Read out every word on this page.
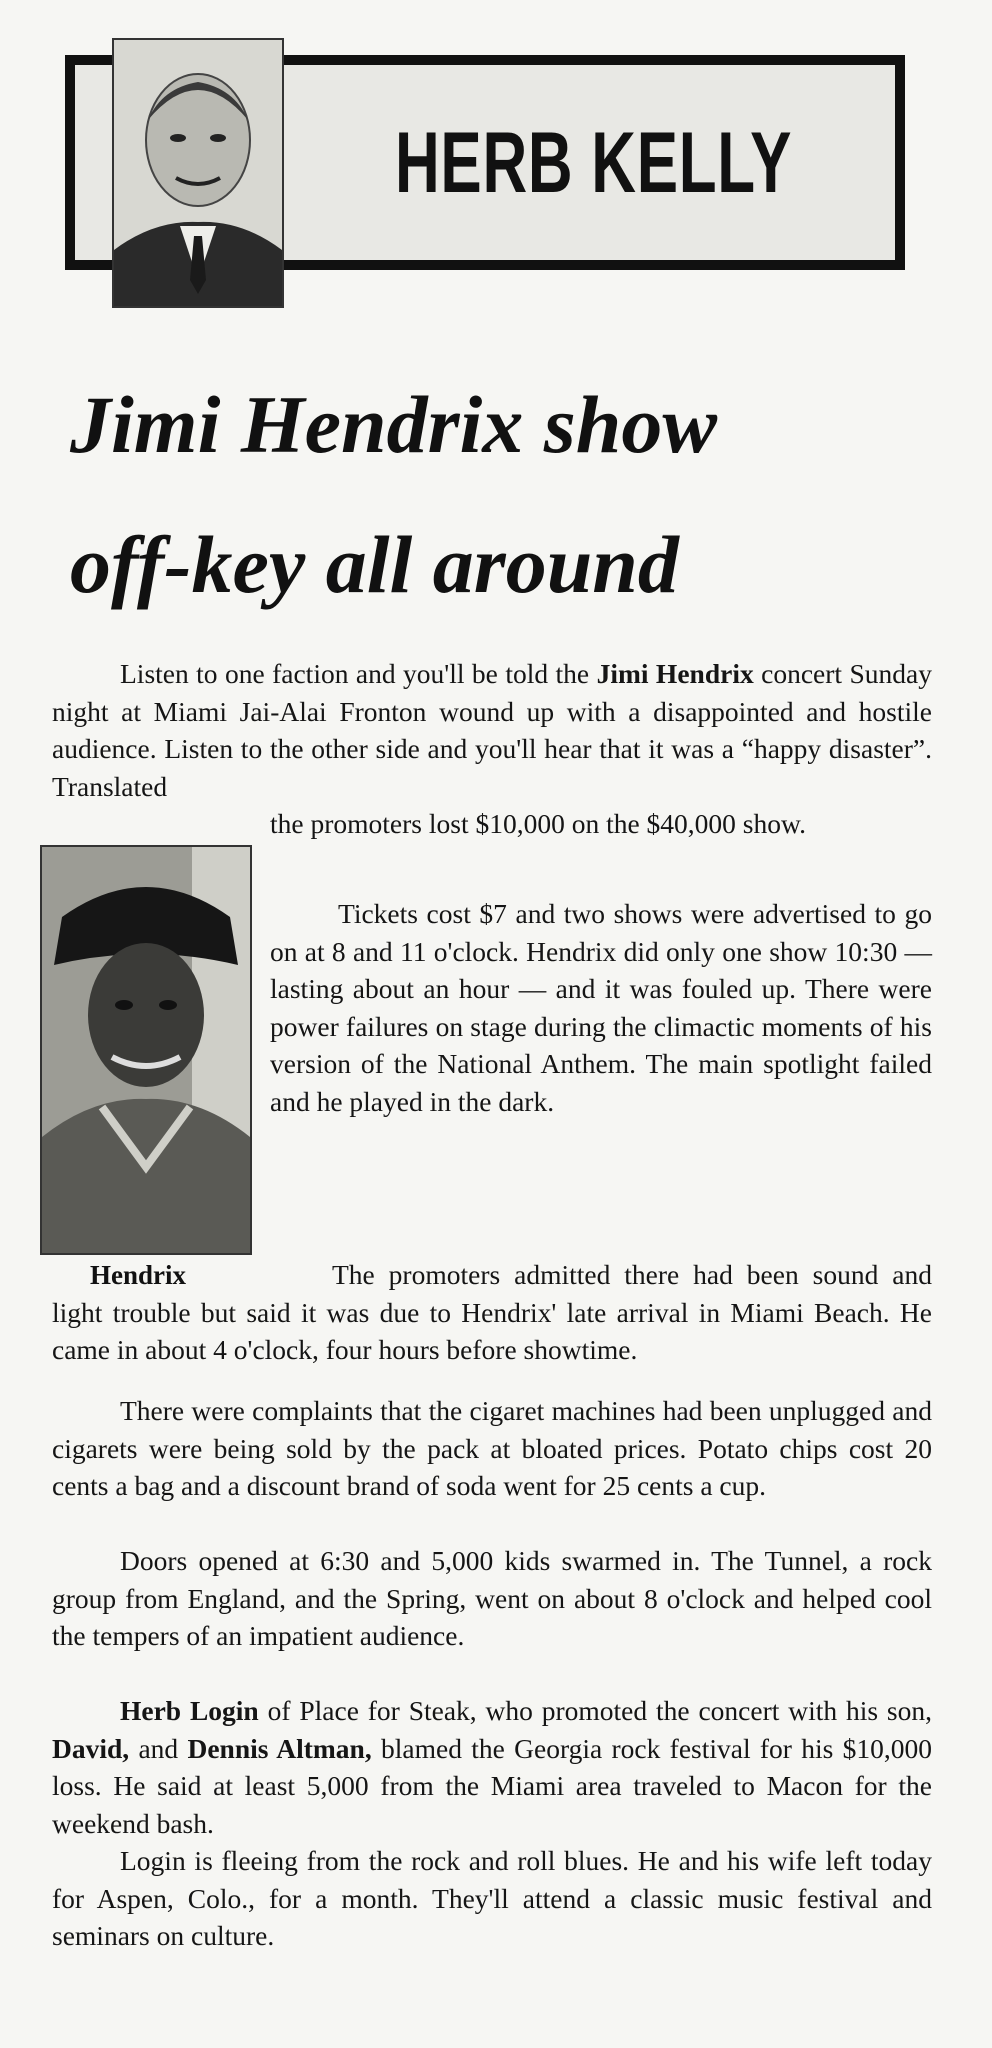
HERB KELLY
Jimi Hendrix show
off-key all around

Listen to one faction and you'll be told the Jimi Hendrix concert Sunday night at Miami Jai-Alai Fronton wound up with a disappointed and hostile audience. Listen to the other side and you'll hear that it was a “happy disaster”. Translated

the promoters lost $10,000 on the $40,000 show.

Tickets cost $7 and two shows were advertised to go on at 8 and 11 o'clock. Hendrix did only one show 10:30 — lasting about an hour — and it was fouled up. There were power failures on stage during the climactic moments of his version of the National Anthem. The main spotlight failed and he played in the dark.

Hendrix	The promoters admitted there had been sound and light trouble but said it was due to Hendrix' late arrival in Miami Beach. He came in about 4 o'clock, four hours before showtime.

There were complaints that the cigaret machines had been unplugged and cigarets were being sold by the pack at bloated prices. Potato chips cost 20 cents a bag and a discount brand of soda went for 25 cents a cup.

Doors opened at 6:30 and 5,000 kids swarmed in. The Tunnel, a rock group from England, and the Spring, went on about 8 o'clock and helped cool the tempers of an impatient audience.

Herb Login of Place for Steak, who promoted the concert with his son, David, and Dennis Altman, blamed the Georgia rock festival for his $10,000 loss. He said at least 5,000 from the Miami area traveled to Macon for the weekend bash.

Login is fleeing from the rock and roll blues. He and his wife left today for Aspen, Colo., for a month. They'll attend a classic music festival and seminars on culture.
